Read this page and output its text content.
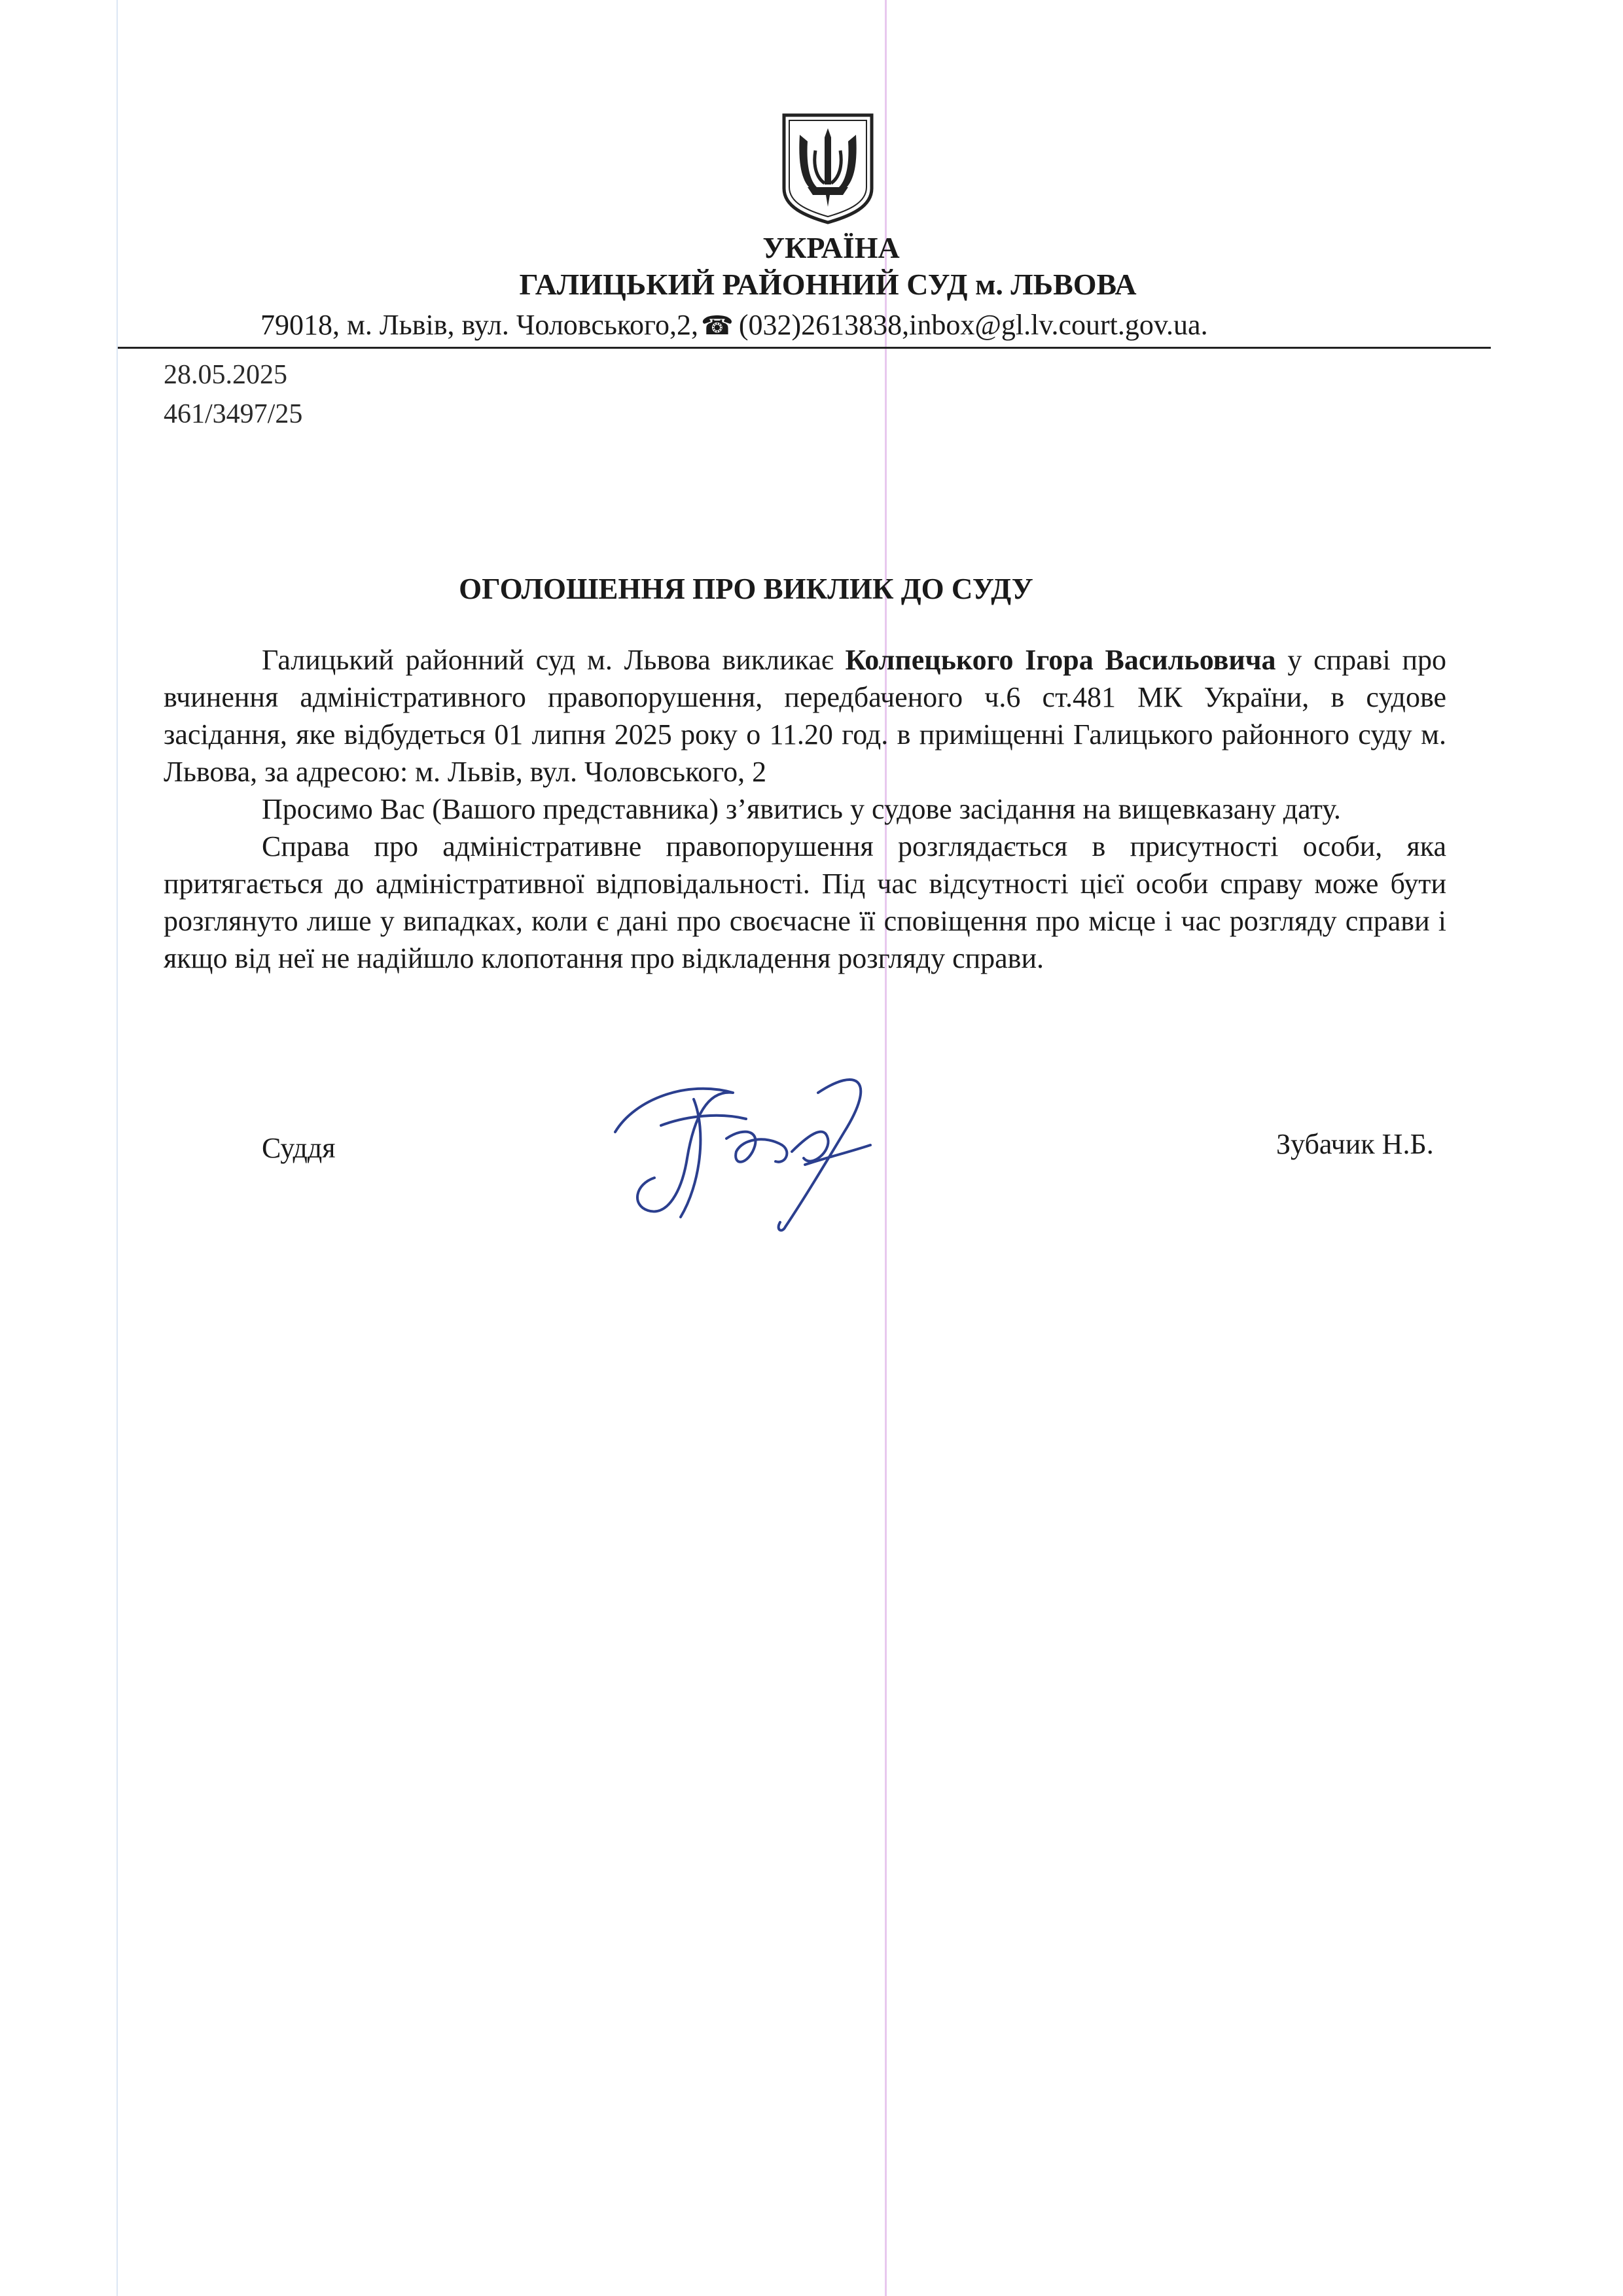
УКРАЇНА
ГАЛИЦЬКИЙ РАЙОННИЙ СУД м. ЛЬВОВА
79018, м. Львів, вул. Чоловського,2, ☎ (032)2613838,inbox@gl.lv.court.gov.ua.
28.05.2025
461/3497/25
ОГОЛОШЕННЯ ПРО ВИКЛИК ДО СУДУ

Галицький районний суд м. Львова викликає Колпецького Ігора Васильовича у справі про вчинення адміністративного правопорушення, передбаченого ч.6 ст.481 МК України, в судове засідання, яке відбудеться 01 липня 2025 року о 11.20 год. в приміщенні Галицького районного суду м. Львова, за адресою: м. Львів, вул. Чоловського, 2

Просимо Вас (Вашого представника) з’явитись у судове засідання на вищевказану дату.

Справа про адміністративне правопорушення розглядається в присутності особи, яка притягається до адміністративної відповідальності. Під час відсутності цієї особи справу може бути розглянуто лише у випадках, коли є дані про своєчасне її сповіщення про місце і час розгляду справи і якщо від неї не надійшло клопотання про відкладення розгляду справи.

Суддя	Зубачик Н.Б.
